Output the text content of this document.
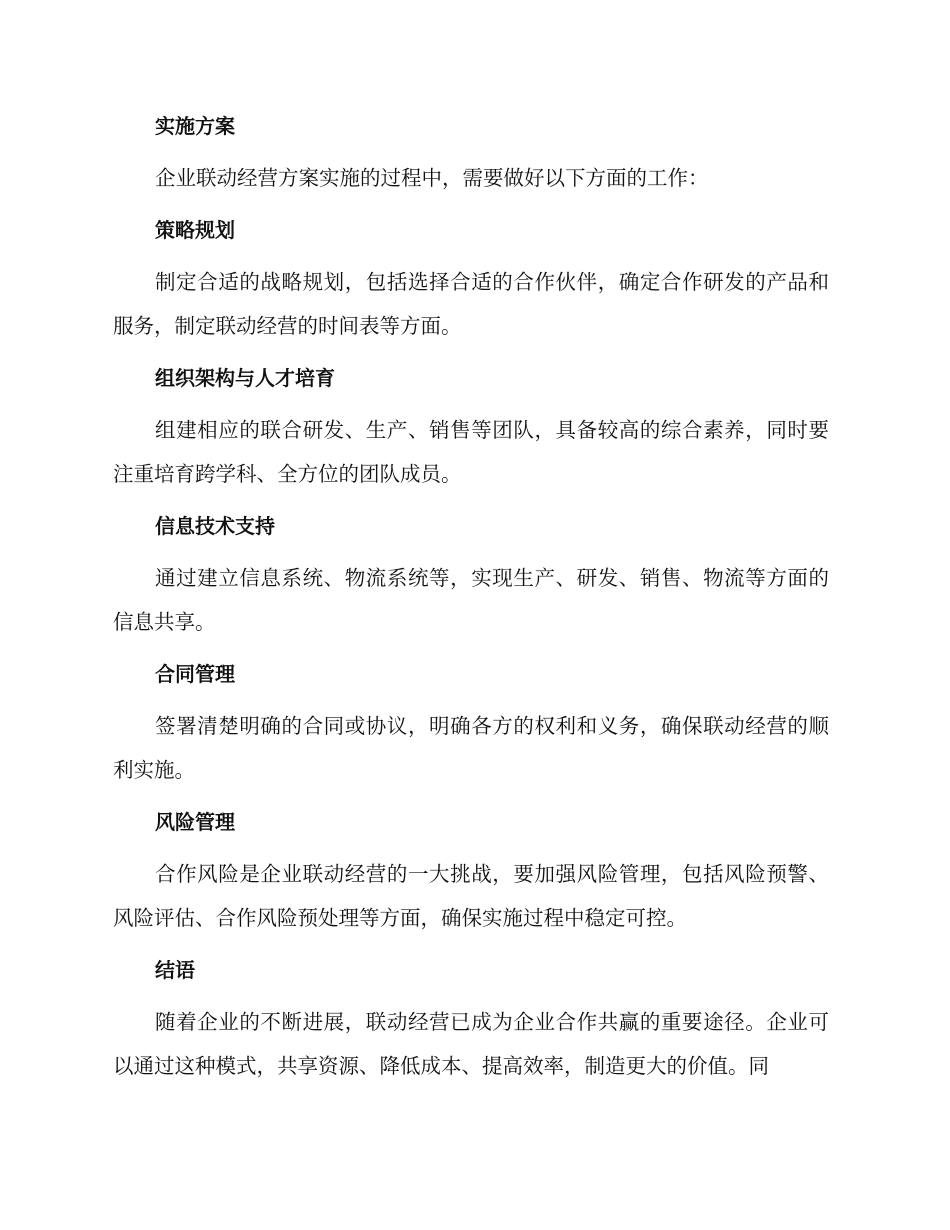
实施方案

企业联动经营方案实施的过程中，需要做好以下方面的工作：

策略规划

制定合适的战略规划，包括选择合适的合作伙伴，确定合作研发的产品和服务，制定联动经营的时间表等方面。

组织架构与人才培育

组建相应的联合研发、生产、销售等团队，具备较高的综合素养，同时要注重培育跨学科、全方位的团队成员。

信息技术支持

通过建立信息系统、物流系统等，实现生产、研发、销售、物流等方面的信息共享。

合同管理

签署清楚明确的合同或协议，明确各方的权利和义务，确保联动经营的顺利实施。

风险管理

合作风险是企业联动经营的一大挑战，要加强风险管理，包括风险预警、风险评估、合作风险预处理等方面，确保实施过程中稳定可控。

结语

随着企业的不断进展，联动经营已成为企业合作共赢的重要途径。企业可以通过这种模式，共享资源、降低成本、提高效率，制造更大的价值。同
